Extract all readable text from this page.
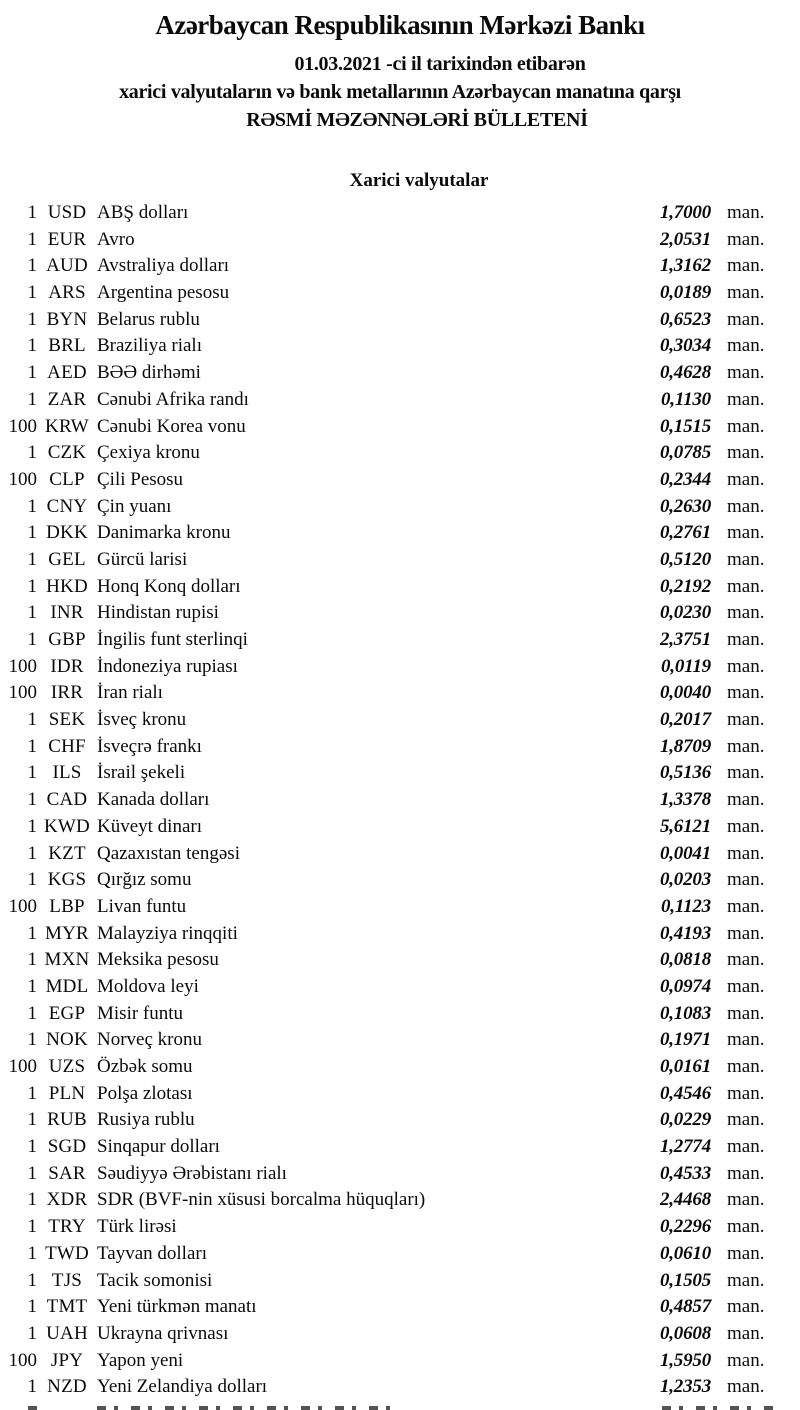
Azərbaycan Respublikasının Mərkəzi Bankı

01.03.2021 -ci il tarixindən etibarən

xarici valyutaların və bank metallarının Azərbaycan manatına qarşı

RƏSMİ MƏZƏNNƏLƏRİ BÜLLETENİ

Xarici valyutalar
1 USD ABŞ dolları	1,7000 man.
1 EUR Avro	2,0531 man.
1 AUD Avstraliya dolları	1,3162 man.
1 ARS Argentina pesosu	0,0189 man.
1 BYN Belarus rublu	0,6523 man.
1 BRL Braziliya rialı	0,3034 man.
1 AED BƏƏ dirhəmi	0,4628 man.
1 ZAR Cənubi Afrika randı	0,1130 man.
100 KRW Cənubi Korea vonu	0,1515 man.
1 CZK Çexiya kronu	0,0785 man.
100 CLP Çili Pesosu	0,2344 man.
1 CNY Çin yuanı	0,2630 man.
1 DKK Danimarka kronu	0,2761 man.
1 GEL Gürcü larisi	0,5120 man.
1 HKD Honq Konq dolları	0,2192 man.
1 INR Hindistan rupisi	0,0230 man.
1 GBP İngilis funt sterlinqi	2,3751 man.
100 IDR İndoneziya rupiası	0,0119 man.
100 IRR İran rialı	0,0040 man.
1 SEK İsveç kronu	0,2017 man.
1 CHF İsveçrə frankı	1,8709 man.
1 ILS İsrail şekeli	0,5136 man.
1 CAD Kanada dolları	1,3378 man.
1 KWD Küveyt dinarı	5,6121 man.
1 KZT Qazaxıstan tengəsi	0,0041 man.
1 KGS Qırğız somu	0,0203 man.
100 LBP Livan funtu	0,1123 man.
1 MYR Malayziya rinqqiti	0,4193 man.
1 MXN Meksika pesosu	0,0818 man.
1 MDL Moldova leyi	0,0974 man.
1 EGP Misir funtu	0,1083 man.
1 NOK Norveç kronu	0,1971 man.
100 UZS Özbək somu	0,0161 man.
1 PLN Polşa zlotası	0,4546 man.
1 RUB Rusiya rublu	0,0229 man.
1 SGD Sinqapur dolları	1,2774 man.
1 SAR Səudiyyə Ərəbistanı rialı	0,4533 man.
1 XDR SDR (BVF-nin xüsusi borcalma hüquqları)	2,4468 man.
1 TRY Türk lirəsi	0,2296 man.
1 TWD Tayvan dolları	0,0610 man.
1 TJS Tacik somonisi	0,1505 man.
1 TMT Yeni türkmən manatı	0,4857 man.
1 UAH Ukrayna qrivnası	0,0608 man.
100 JPY Yapon yeni	1,5950 man.
1 NZD Yeni Zelandiya dolları	1,2353 man.
